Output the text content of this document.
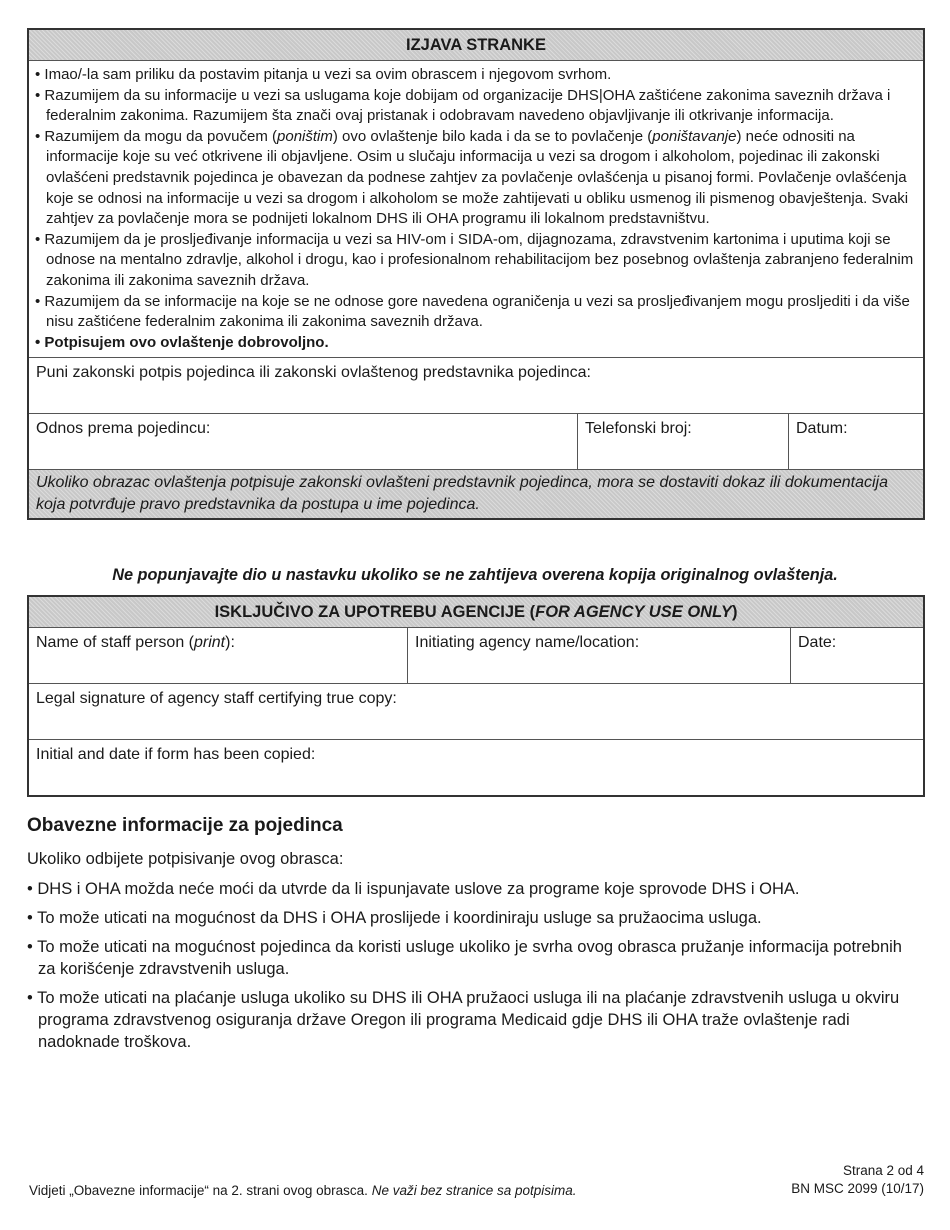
IZJAVA STRANKE
• Imao/-la sam priliku da postavim pitanja u vezi sa ovim obrascem i njegovom svrhom.
• Razumijem da su informacije u vezi sa uslugama koje dobijam od organizacije DHS|OHA zaštićene zakonima saveznih država i federalnim zakonima. Razumijem šta znači ovaj pristanak i odobravam navedeno objavljivanje ili otkrivanje informacija.
• Razumijem da mogu da povučem (poništim) ovo ovlaštenje bilo kada i da se to povlačenje (poništavanje) neće odnositi na informacije koje su već otkrivene ili objavljene. Osim u slučaju informacija u vezi sa drogom i alkoholom, pojedinac ili zakonski ovlašćeni predstavnik pojedinca je obavezan da podnese zahtjev za povlačenje ovlašćenja u pisanoj formi. Povlačenje ovlašćenja koje se odnosi na informacije u vezi sa drogom i alkoholom se može zahtijevati u obliku usmenog ili pismenog obavještenja. Svaki zahtjev za povlačenje mora se podnijeti lokalnom DHS ili OHA programu ili lokalnom predstavništvu.
• Razumijem da je prosljeđivanje informacija u vezi sa HIV-om i SIDA-om, dijagnozama, zdravstvenim kartonima i uputima koji se odnose na mentalno zdravlje, alkohol i drogu, kao i profesionalnom rehabilitacijom bez posebnog ovlaštenja zabranjeno federalnim zakonima ili zakonima saveznih država.
• Razumijem da se informacije na koje se ne odnose gore navedena ograničenja u vezi sa prosljeđivanjem mogu prosljediti i da više nisu zaštićene federalnim zakonima ili zakonima saveznih država.
• Potpisujem ovo ovlaštenje dobrovoljno.
Puni zakonski potpis pojedinca ili zakonski ovlaštenog predstavnika pojedinca:
Odnos prema pojedincu:	Telefonski broj:	Datum:
Ukoliko obrazac ovlaštenja potpisuje zakonski ovlašteni predstavnik pojedinca, mora se dostaviti dokaz ili dokumentacija koja potvrđuje pravo predstavnika da postupa u ime pojedinca.
Ne popunjavajte dio u nastavku ukoliko se ne zahtijeva overena kopija originalnog ovlaštenja.
ISKLJUČIVO ZA UPOTREBU AGENCIJE (FOR AGENCY USE ONLY)
Name of staff person (print):	Initiating agency name/location:	Date:
Legal signature of agency staff certifying true copy:
Initial and date if form has been copied:
Obavezne informacije za pojedinca

Ukoliko odbijete potpisivanje ovog obrasca:

• DHS i OHA možda neće moći da utvrde da li ispunjavate uslove za programe koje sprovode DHS i OHA.
• To može uticati na mogućnost da DHS i OHA proslijede i koordiniraju usluge sa pružaocima usluga.
• To može uticati na mogućnost pojedinca da koristi usluge ukoliko je svrha ovog obrasca pružanje informacija potrebnih za korišćenje zdravstvenih usluga.
• To može uticati na plaćanje usluga ukoliko su DHS ili OHA pružaoci usluga ili na plaćanje zdravstvenih usluga u okviru programa zdravstvenog osiguranja države Oregon ili programa Medicaid gdje DHS ili OHA traže ovlaštenje radi nadoknade troškova.
Vidjeti „Obavezne informacije“ na 2. strani ovog obrasca. Ne važi bez stranice sa potpisima.
Strana 2 od 4
BN MSC 2099 (10/17)
